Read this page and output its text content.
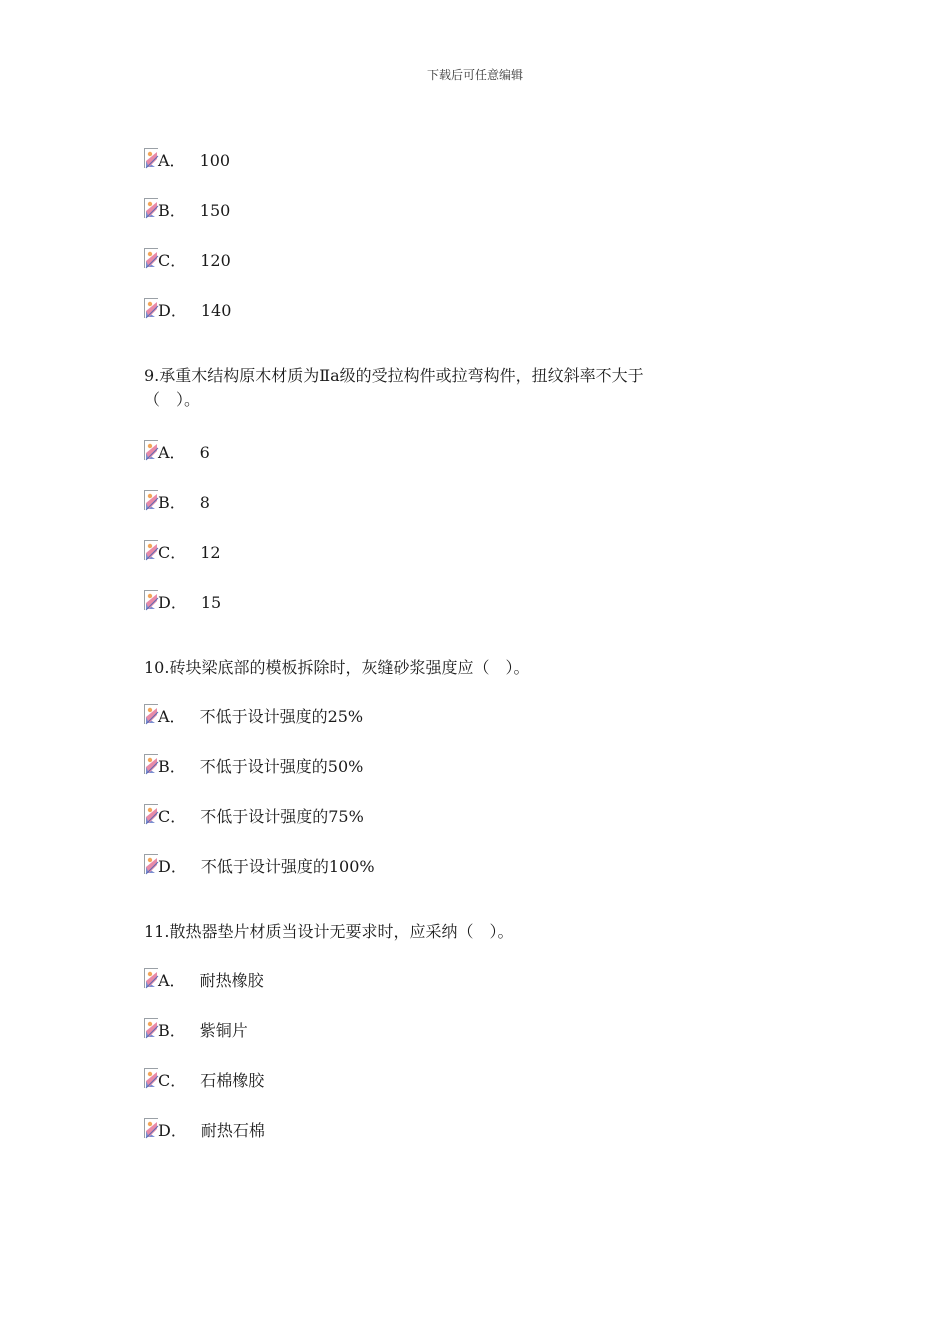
下载后可任意编辑
A． 100
B． 150
C． 120
D． 140
9.承重木结构原木材质为Ⅱa级的受拉构件或拉弯构件，扭纹斜率不大于
（　）。
A． 6
B． 8
C． 12
D． 15
10.砖块梁底部的模板拆除时，灰缝砂浆强度应（　）。
A． 不低于设计强度的25%
B． 不低于设计强度的50%
C． 不低于设计强度的75%
D． 不低于设计强度的100%
11.散热器垫片材质当设计无要求时，应采纳（　）。
A． 耐热橡胶
B． 紫铜片
C． 石棉橡胶
D． 耐热石棉
